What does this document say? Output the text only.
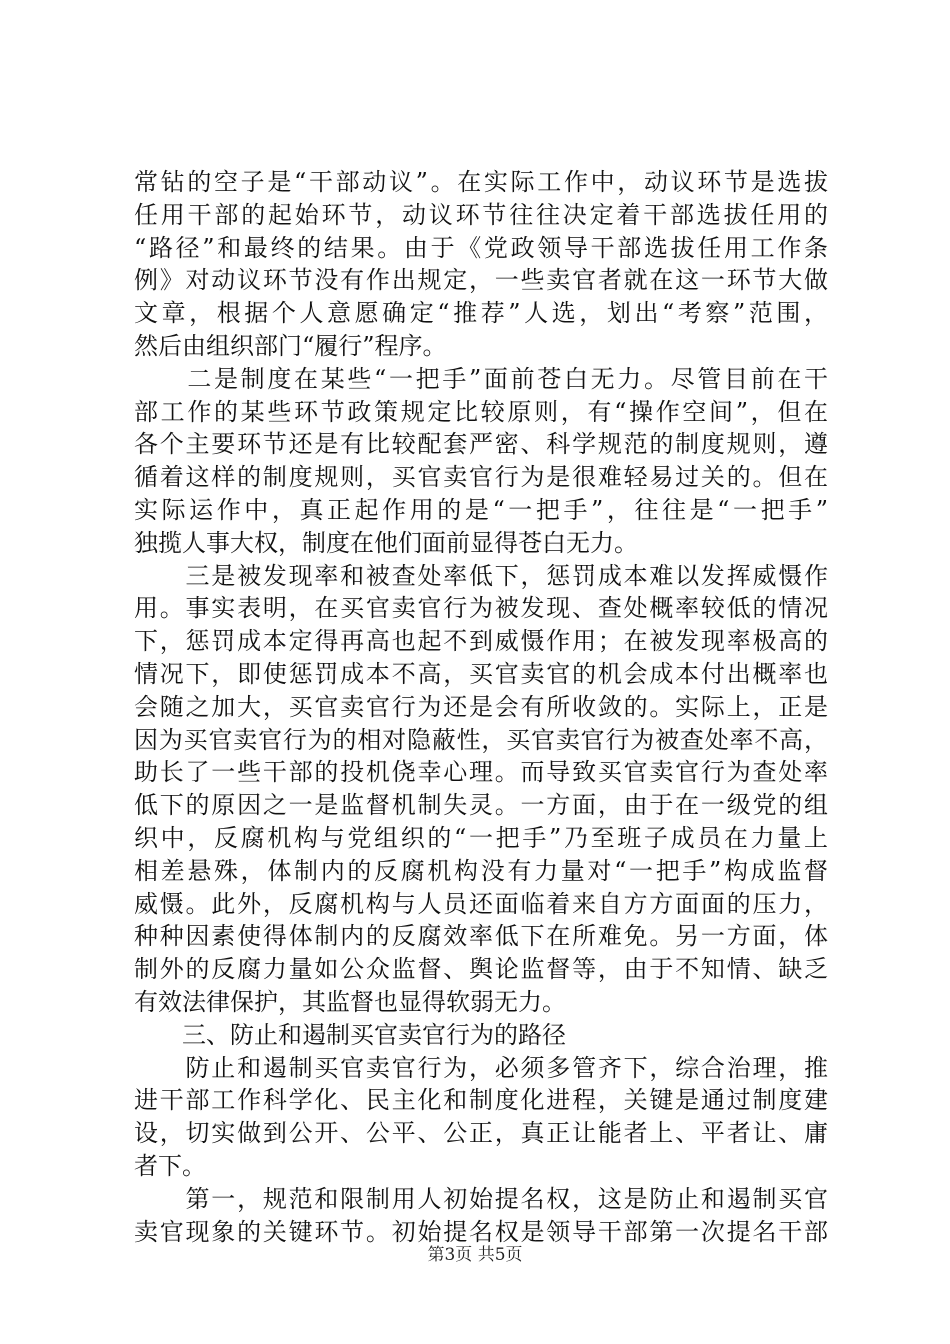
常钻的空子是“干部动议”。在实际工作中，动议环节是选拔
任用干部的起始环节，动议环节往往决定着干部选拔任用的
“路径”和最终的结果。由于《党政领导干部选拔任用工作条
例》对动议环节没有作出规定，一些卖官者就在这一环节大做
文章，根据个人意愿确定“推荐”人选，划出“考察”范围，
然后由组织部门“履行”程序。
　　二是制度在某些“一把手”面前苍白无力。尽管目前在干
部工作的某些环节政策规定比较原则，有“操作空间”，但在
各个主要环节还是有比较配套严密、科学规范的制度规则，遵
循着这样的制度规则，买官卖官行为是很难轻易过关的。但在
实际运作中，真正起作用的是“一把手”，往往是“一把手”
独揽人事大权，制度在他们面前显得苍白无力。
　　三是被发现率和被查处率低下，惩罚成本难以发挥威慑作
用。事实表明，在买官卖官行为被发现、查处概率较低的情况
下，惩罚成本定得再高也起不到威慑作用；在被发现率极高的
情况下，即使惩罚成本不高，买官卖官的机会成本付出概率也
会随之加大，买官卖官行为还是会有所收敛的。实际上，正是
因为买官卖官行为的相对隐蔽性，买官卖官行为被查处率不高，
助长了一些干部的投机侥幸心理。而导致买官卖官行为查处率
低下的原因之一是监督机制失灵。一方面，由于在一级党的组
织中，反腐机构与党组织的“一把手”乃至班子成员在力量上
相差悬殊，体制内的反腐机构没有力量对“一把手”构成监督
威慑。此外，反腐机构与人员还面临着来自方方面面的压力，
种种因素使得体制内的反腐效率低下在所难免。另一方面，体
制外的反腐力量如公众监督、舆论监督等，由于不知情、缺乏
有效法律保护，其监督也显得软弱无力。
　　三、防止和遏制买官卖官行为的路径
　　防止和遏制买官卖官行为，必须多管齐下，综合治理，推
进干部工作科学化、民主化和制度化进程，关键是通过制度建
设，切实做到公开、公平、公正，真正让能者上、平者让、庸
者下。
　　第一，规范和限制用人初始提名权，这是防止和遏制买官
卖官现象的关键环节。初始提名权是领导干部第一次提名干部
第3页 共5页
